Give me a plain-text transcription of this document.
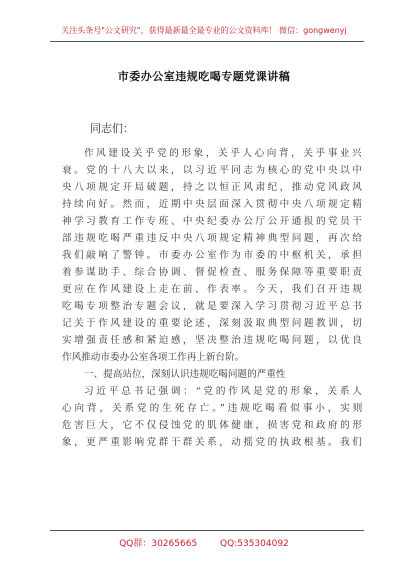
关注头条号"公文研究"，获得最新最全最专业的公文资料库！ 微信：gongwenyj
市委办公室违规吃喝专题党课讲稿
同志们：
作风建设关乎党的形象，关乎人心向背，关乎事业兴
衰。党的十八大以来，以习近平同志为核心的党中央以中
央八项规定开局破题，持之以恒正风肃纪，推动党风政风
持续向好。然而，近期中央层面深入贯彻中央八项规定精
神学习教育工作专班、中央纪委办公厅公开通报的党员干
部违规吃喝严重违反中央八项规定精神典型问题，再次给
我们敲响了警钟。市委办公室作为市委的中枢机关，承担
着参谋助手、综合协调、督促检查、服务保障等重要职责
更应在作风建设上走在前、作表率。今天，我们召开违规
吃喝专项整治专题会议，就是要深入学习贯彻习近平总书
记关于作风建设的重要论述，深刻汲取典型问题教训，切
实增强责任感和紧迫感，坚决整治违规吃喝问题，以优良
作风推动市委办公室各项工作再上新台阶。
一、提高站位，深刻认识违规吃喝问题的严重性
习近平总书记强调：“党的作风是党的形象，关系人
心向背，关系党的生死存亡。”违规吃喝看似事小，实则
危害巨大，它不仅侵蚀党的肌体健康，损害党和政府的形
象，更严重影响党群干群关系，动摇党的执政根基。我们
QQ群：30265665	QQ:535304092
